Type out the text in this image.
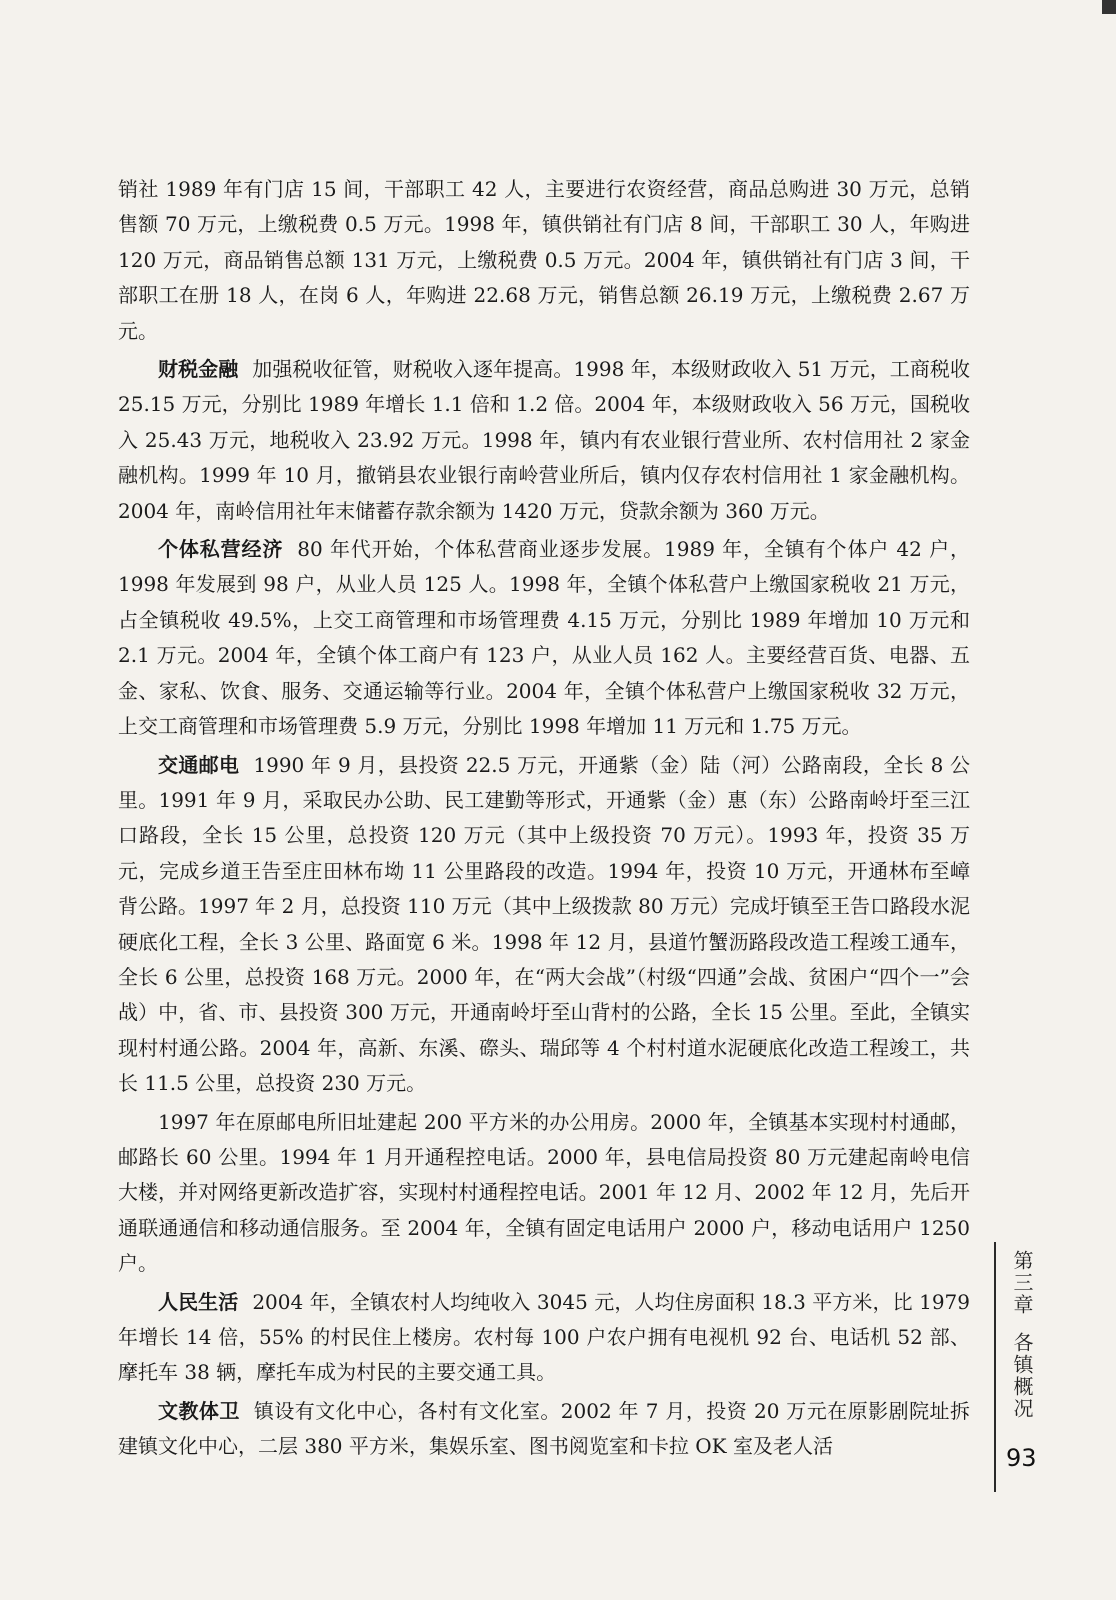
销社 1989 年有门店 15 间，干部职工 42 人，主要进行农资经营，商品总购进 30 万元，总销售额 70 万元，上缴税费 0.5 万元。1998 年，镇供销社有门店 8 间，干部职工 30 人，年购进 120 万元，商品销售总额 131 万元，上缴税费 0.5 万元。2004 年，镇供销社有门店 3 间，干部职工在册 18 人，在岗 6 人，年购进 22.68 万元，销售总额 26.19 万元，上缴税费 2.67 万元。

财税金融 加强税收征管，财税收入逐年提高。1998 年，本级财政收入 51 万元，工商税收 25.15 万元，分别比 1989 年增长 1.1 倍和 1.2 倍。2004 年，本级财政收入 56 万元，国税收入 25.43 万元，地税收入 23.92 万元。1998 年，镇内有农业银行营业所、农村信用社 2 家金融机构。1999 年 10 月，撤销县农业银行南岭营业所后，镇内仅存农村信用社 1 家金融机构。2004 年，南岭信用社年末储蓄存款余额为 1420 万元，贷款余额为 360 万元。

个体私营经济 80 年代开始，个体私营商业逐步发展。1989 年，全镇有个体户 42 户，1998 年发展到 98 户，从业人员 125 人。1998 年，全镇个体私营户上缴国家税收 21 万元，占全镇税收 49.5%，上交工商管理和市场管理费 4.15 万元，分别比 1989 年增加 10 万元和 2.1 万元。2004 年，全镇个体工商户有 123 户，从业人员 162 人。主要经营百货、电器、五金、家私、饮食、服务、交通运输等行业。2004 年，全镇个体私营户上缴国家税收 32 万元，上交工商管理和市场管理费 5.9 万元，分别比 1998 年增加 11 万元和 1.75 万元。

交通邮电 1990 年 9 月，县投资 22.5 万元，开通紫（金）陆（河）公路南段，全长 8 公里。1991 年 9 月，采取民办公助、民工建勤等形式，开通紫（金）惠（东）公路南岭圩至三江口路段，全长 15 公里，总投资 120 万元（其中上级投资 70 万元）。1993 年，投资 35 万元，完成乡道王告至庄田林布坳 11 公里路段的改造。1994 年，投资 10 万元，开通林布至嶂背公路。1997 年 2 月，总投资 110 万元（其中上级拨款 80 万元）完成圩镇至王告口路段水泥硬底化工程，全长 3 公里、路面宽 6 米。1998 年 12 月，县道竹蟹沥路段改造工程竣工通车，全长 6 公里，总投资 168 万元。2000 年，在“两大会战”（村级“四通”会战、贫困户“四个一”会战）中，省、市、县投资 300 万元，开通南岭圩至山背村的公路，全长 15 公里。至此，全镇实现村村通公路。2004 年，高新、东溪、磜头、瑞邱等 4 个村村道水泥硬底化改造工程竣工，共长 11.5 公里，总投资 230 万元。

1997 年在原邮电所旧址建起 200 平方米的办公用房。2000 年，全镇基本实现村村通邮，邮路长 60 公里。1994 年 1 月开通程控电话。2000 年，县电信局投资 80 万元建起南岭电信大楼，并对网络更新改造扩容，实现村村通程控电话。2001 年 12 月、2002 年 12 月，先后开通联通通信和移动通信服务。至 2004 年，全镇有固定电话用户 2000 户，移动电话用户 1250 户。

人民生活 2004 年，全镇农村人均纯收入 3045 元，人均住房面积 18.3 平方米，比 1979 年增长 14 倍，55% 的村民住上楼房。农村每 100 户农户拥有电视机 92 台、电话机 52 部、摩托车 38 辆，摩托车成为村民的主要交通工具。

文教体卫 镇设有文化中心，各村有文化室。2002 年 7 月，投资 20 万元在原影剧院址拆建镇文化中心，二层 380 平方米，集娱乐室、图书阅览室和卡拉 OK 室及老人活

第三章各镇概况
93
